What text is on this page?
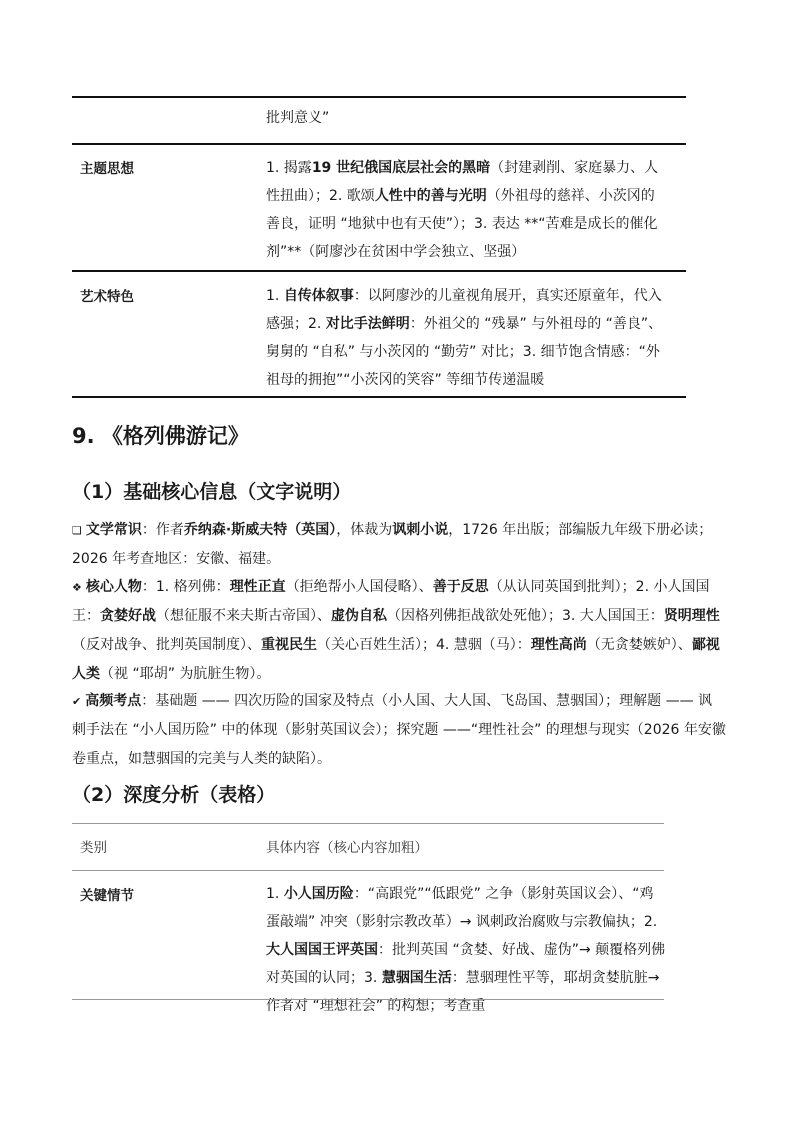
批判意义”
主题思想	1. 揭露19 世纪俄国底层社会的黑暗（封建剥削、家庭暴力、人性扭曲）；2. 歌颂人性中的善与光明（外祖母的慈祥、小茨冈的善良，证明 “地狱中也有天使”）；3. 表达 **“苦难是成长的催化剂”**（阿廖沙在贫困中学会独立、坚强）
艺术特色	1. 自传体叙事：以阿廖沙的儿童视角展开，真实还原童年，代入感强；2. 对比手法鲜明：外祖父的 “残暴” 与外祖母的 “善良”、舅舅的 “自私” 与小茨冈的 “勤劳” 对比；3. 细节饱含情感：“外祖母的拥抱”“小茨冈的笑容” 等细节传递温暖
9. 《格列佛游记》
（1）基础核心信息（文字说明）
❏ 文学常识：作者乔纳森·斯威夫特（英国），体裁为讽刺小说，1726 年出版；部编版九年级下册必读；2026 年考查地区：安徽、福建。
❖ 核心人物：1. 格列佛：理性正直（拒绝帮小人国侵略）、善于反思（从认同英国到批判）；2. 小人国国王：贪婪好战（想征服不来夫斯古帝国）、虚伪自私（因格列佛拒战欲处死他）；3. 大人国国王：贤明理性（反对战争、批判英国制度）、重视民生（关心百姓生活）；4. 慧骃（马）：理性高尚（无贪婪嫉妒）、鄙视人类（视 “耶胡” 为肮脏生物）。
✔ 高频考点：基础题 —— 四次历险的国家及特点（小人国、大人国、飞岛国、慧骃国）；理解题 —— 讽刺手法在 “小人国历险” 中的体现（影射英国议会）；探究题 ——“理性社会” 的理想与现实（2026 年安徽卷重点，如慧骃国的完美与人类的缺陷）。
（2）深度分析（表格）
类别	具体内容（核心内容加粗）
关键情节	1. 小人国历险：“高跟党”“低跟党” 之争（影射英国议会）、“鸡蛋敲端” 冲突（影射宗教改革）→ 讽刺政治腐败与宗教偏执；2. 大人国国王评英国：批判英国 “贪婪、好战、虚伪”→ 颠覆格列佛对英国的认同；3. 慧骃国生活：慧骃理性平等，耶胡贪婪肮脏→ 作者对 “理想社会” 的构想；考查重
